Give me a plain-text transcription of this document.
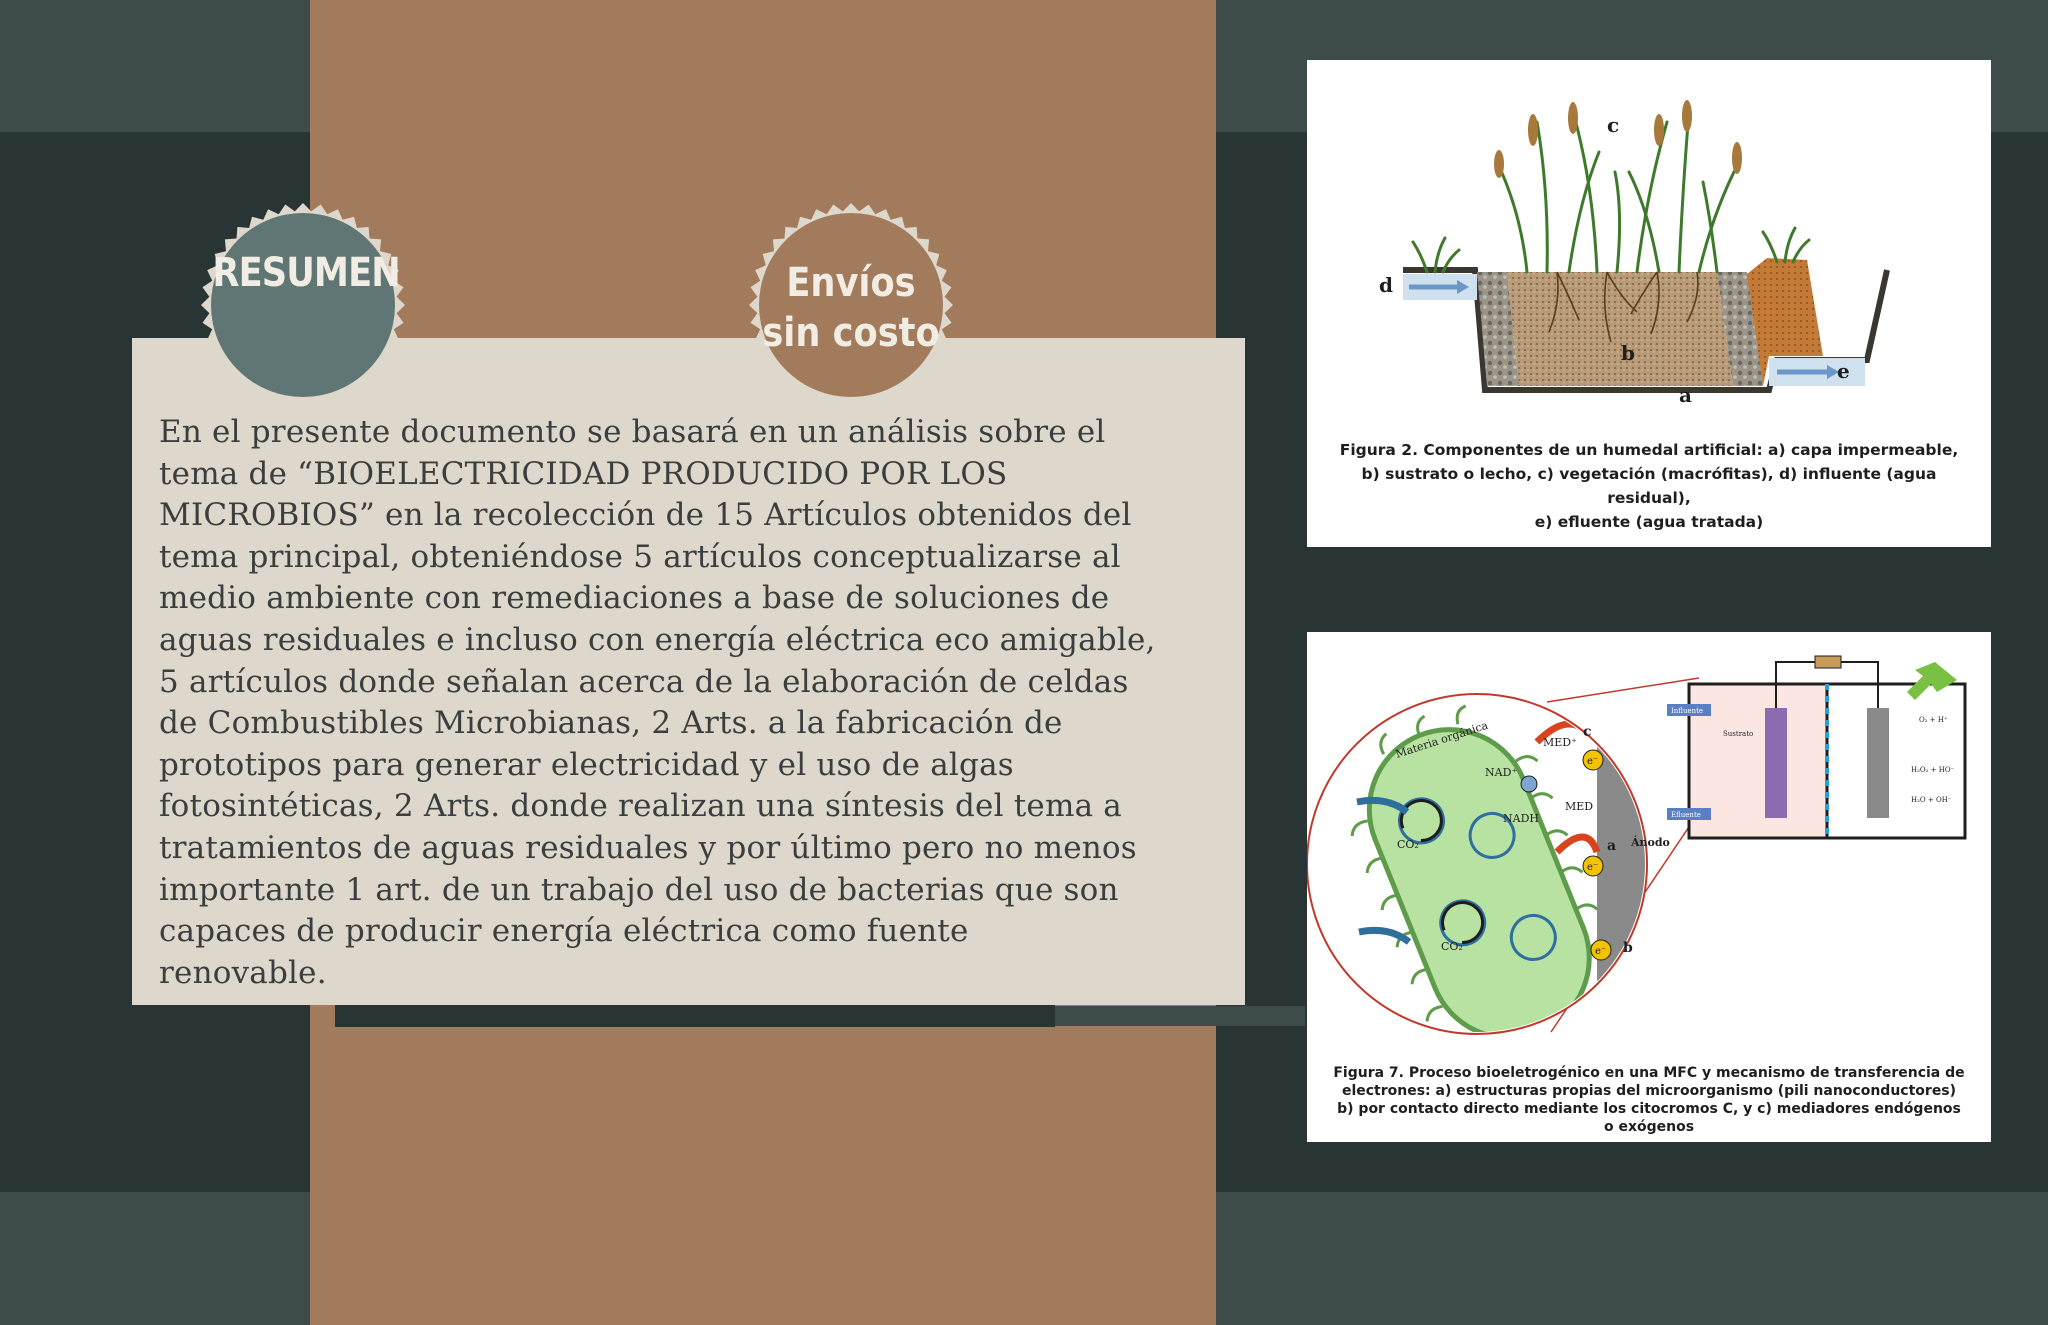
En el presente documento se basará en un análisis sobre el
tema de “BIOELECTRICIDAD PRODUCIDO POR LOS
MICROBIOS” en la recolección de 15 Artículos obtenidos del
tema principal, obteniéndose 5 artículos conceptualizarse al
medio ambiente con remediaciones a base de soluciones de
aguas residuales e incluso con energía eléctrica eco amigable,
5 artículos donde señalan acerca de la elaboración de celdas
de Combustibles Microbianas, 2 Arts. a la fabricación de
prototipos para generar electricidad y el uso de algas
fotosintéticas, 2 Arts. donde realizan una síntesis del tema a
tratamientos de aguas residuales y por último pero no menos
importante 1 art. de un trabajo del uso de bacterias que son
capaces de producir energía eléctrica como fuente
renovable.
RESUMEN	Envíos
sin costo
c
d
b
a
e
Figura 2. Componentes de un humedal artificial: a) capa impermeable,
b) sustrato o lecho, c) vegetación (macrófitas), d) influente (agua residual),
e) efluente (agua tratada)
Materia orgánica
CO₂
CO₂
NAD⁺
NADH
MED⁺
MED
Ánodo
e⁻
e⁻
e⁻
a
b
c
Influente
Efluente
Sustrato
O₂ + H⁺
H₂O₂ + HO⁻
H₂O + OH⁻
Figura 7. Proceso bioeletrogénico en una MFC y mecanismo de transferencia de
electrones: a) estructuras propias del microorganismo (pili nanoconductores)
b) por contacto directo mediante los citocromos C, y c) mediadores endógenos
o exógenos
